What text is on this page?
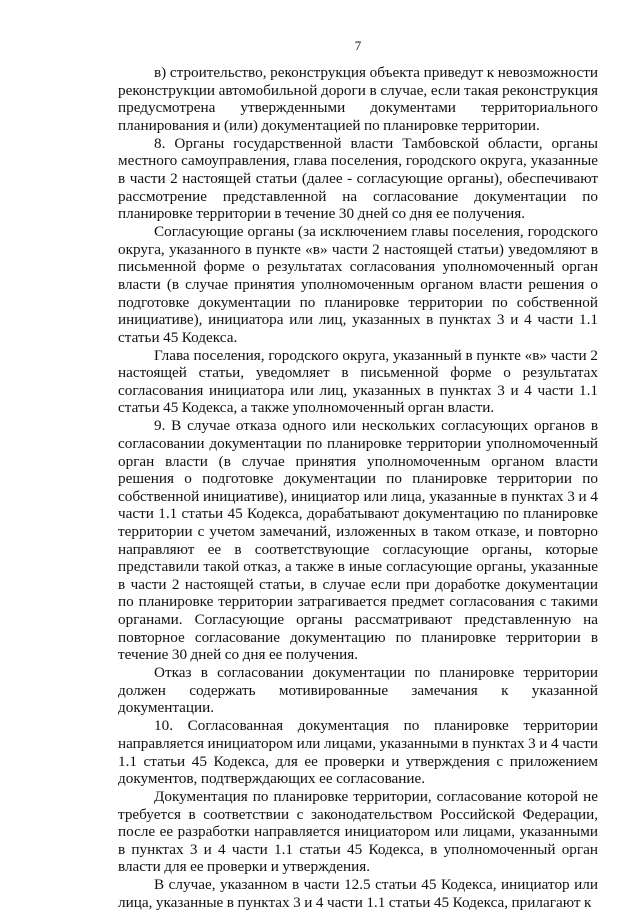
7

в) строительство, реконструкция объекта приведут к невозможности реконструкции автомобильной дороги в случае, если такая реконструкция предусмотрена утвержденными документами территориального планирования и (или) документацией по планировке территории.

8. Органы государственной власти Тамбовской области, органы местного самоуправления, глава поселения, городского округа, указанные в части 2 настоящей статьи (далее - согласующие органы), обеспечивают рассмотрение представленной на согласование документации по планировке территории в течение 30 дней со дня ее получения.

Согласующие органы (за исключением главы поселения, городского округа, указанного в пункте «в» части 2 настоящей статьи) уведомляют в письменной форме о результатах согласования уполномоченный орган власти (в случае принятия уполномоченным органом власти решения о подготовке документации по планировке территории по собственной инициативе), инициатора или лиц, указанных в пунктах 3 и 4 части 1.1 статьи 45 Кодекса.

Глава поселения, городского округа, указанный в пункте «в» части 2 настоящей статьи, уведомляет в письменной форме о результатах согласования инициатора или лиц, указанных в пунктах 3 и 4 части 1.1 статьи 45 Кодекса, а также уполномоченный орган власти.

9. В случае отказа одного или нескольких согласующих органов в согласовании документации по планировке территории уполномоченный орган власти (в случае принятия уполномоченным органом власти решения о подготовке документации по планировке территории по собственной инициативе), инициатор или лица, указанные в пунктах 3 и 4 части 1.1 статьи 45 Кодекса, дорабатывают документацию по планировке территории с учетом замечаний, изложенных в таком отказе, и повторно направляют ее в соответствующие согласующие органы, которые представили такой отказ, а также в иные согласующие органы, указанные в части 2 настоящей статьи, в случае если при доработке документации по планировке территории затрагивается предмет согласования с такими органами. Согласующие органы рассматривают представленную на повторное согласование документацию по планировке территории в течение 30 дней со дня ее получения.

Отказ в согласовании документации по планировке территории должен содержать мотивированные замечания к указанной документации.

10. Согласованная документация по планировке территории направляется инициатором или лицами, указанными в пунктах 3 и 4 части 1.1 статьи 45 Кодекса, для ее проверки и утверждения с приложением документов, подтверждающих ее согласование.

Документация по планировке территории, согласование которой не требуется в соответствии с законодательством Российской Федерации, после ее разработки направляется инициатором или лицами, указанными в пунктах 3 и 4 части 1.1 статьи 45 Кодекса, в уполномоченный орган власти для ее проверки и утверждения.

В случае, указанном в части 12.5 статьи 45 Кодекса, инициатор или лица, указанные в пунктах 3 и 4 части 1.1 статьи 45 Кодекса, прилагают к
